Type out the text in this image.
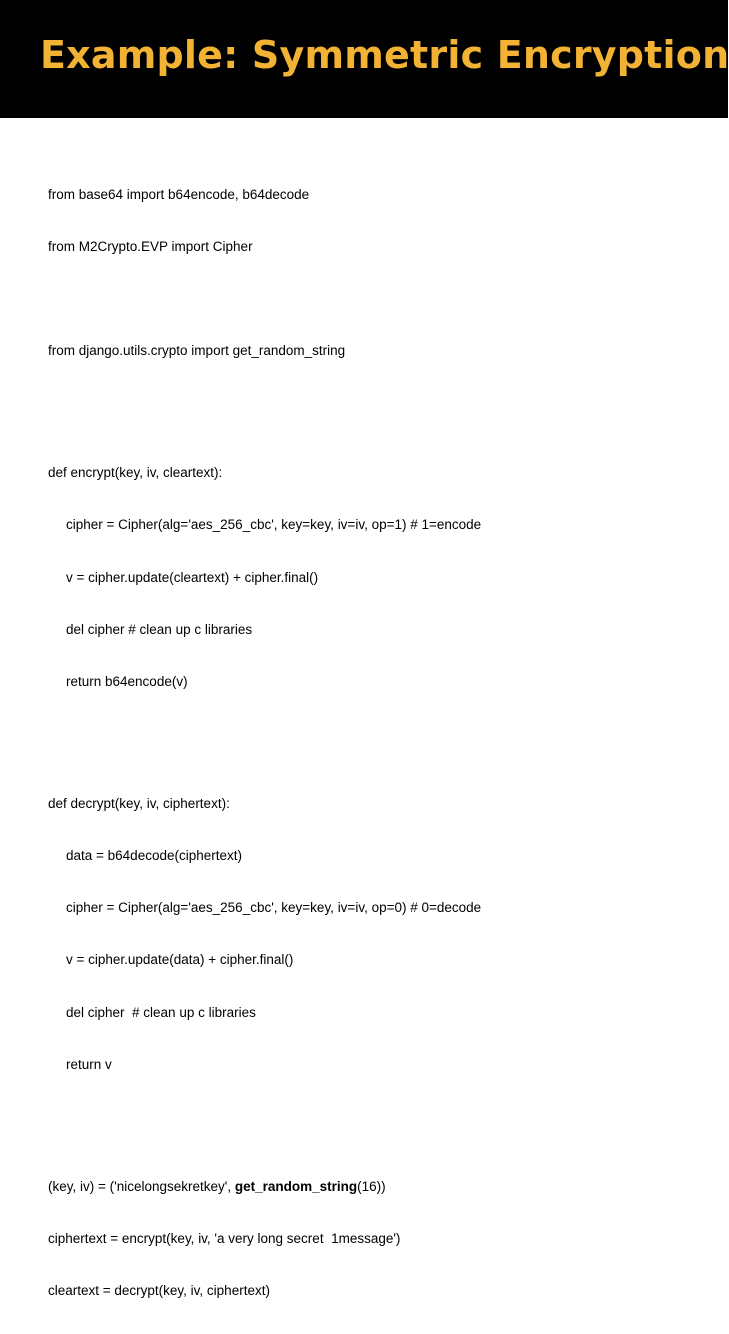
Example: Symmetric Encryption

from base64 import b64encode, b64decode

from M2Crypto.EVP import Cipher

from django.utils.crypto import get_random_string

def encrypt(key, iv, cleartext):

cipher = Cipher(alg='aes_256_cbc', key=key, iv=iv, op=1) # 1=encode

v = cipher.update(cleartext) + cipher.final()

del cipher # clean up c libraries

return b64encode(v)

def decrypt(key, iv, ciphertext):

data = b64decode(ciphertext)

cipher = Cipher(alg='aes_256_cbc', key=key, iv=iv, op=0) # 0=decode

v = cipher.update(data) + cipher.final()

del cipher  # clean up c libraries

return v

(key, iv) = ('nicelongsekretkey', get_random_string(16))

ciphertext = encrypt(key, iv, 'a very long secret  1message')

cleartext = decrypt(key, iv, ciphertext)
